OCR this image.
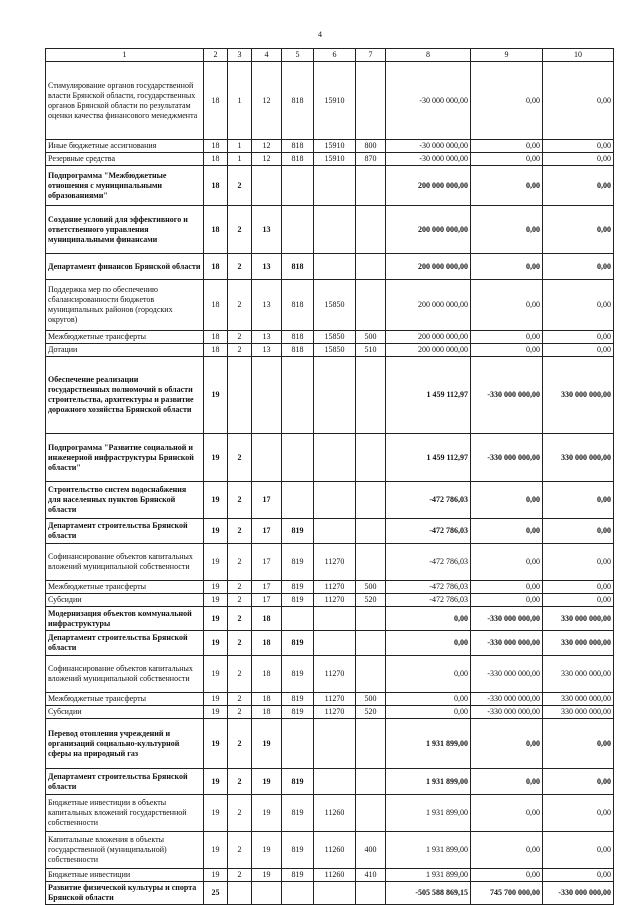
4
1	2	3	4	5	6	7	8	9	10
Стимулирование органов государственной власти Брянской области, государственных органов Брянской области по результатам оценки качества финансового менеджмента	18	1	12	818	15910		-30 000 000,00	0,00	0,00
Иные бюджетные ассигнования	18	1	12	818	15910	800	-30 000 000,00	0,00	0,00
Резервные средства	18	1	12	818	15910	870	-30 000 000,00	0,00	0,00
Подпрограмма "Межбюджетные отношения с муниципальными образованиями"	18	2					200 000 000,00	0,00	0,00
Создание условий для эффективного и ответственного управления муниципальными финансами	18	2	13				200 000 000,00	0,00	0,00
Департамент финансов Брянской области	18	2	13	818			200 000 000,00	0,00	0,00
Поддержка мер по обеспечению сбалансированности бюджетов муниципальных районов (городских округов)	18	2	13	818	15850		200 000 000,00	0,00	0,00
Межбюджетные трансферты	18	2	13	818	15850	500	200 000 000,00	0,00	0,00
Дотации	18	2	13	818	15850	510	200 000 000,00	0,00	0,00
Обеспечение реализации государственных полномочий в области строительства, архитектуры и развитие дорожного хозяйства Брянской области	19						1 459 112,97	-330 000 000,00	330 000 000,00
Подпрограмма "Развитие социальной и инженерной инфраструктуры Брянской области"	19	2					1 459 112,97	-330 000 000,00	330 000 000,00
Строительство систем водоснабжения для населенных пунктов Брянской области	19	2	17				-472 786,03	0,00	0,00
Департамент строительства Брянской области	19	2	17	819			-472 786,03	0,00	0,00
Софинансирование объектов капитальных вложений муниципальной собственности	19	2	17	819	11270		-472 786,03	0,00	0,00
Межбюджетные трансферты	19	2	17	819	11270	500	-472 786,03	0,00	0,00
Субсидии	19	2	17	819	11270	520	-472 786,03	0,00	0,00
Модернизация объектов коммунальной инфраструктуры	19	2	18				0,00	-330 000 000,00	330 000 000,00
Департамент строительства Брянской области	19	2	18	819			0,00	-330 000 000,00	330 000 000,00
Софинансирование объектов капитальных вложений муниципальной собственности	19	2	18	819	11270		0,00	-330 000 000,00	330 000 000,00
Межбюджетные трансферты	19	2	18	819	11270	500	0,00	-330 000 000,00	330 000 000,00
Субсидии	19	2	18	819	11270	520	0,00	-330 000 000,00	330 000 000,00
Перевод отопления учреждений и организаций социально-культурной сферы на природный газ	19	2	19				1 931 899,00	0,00	0,00
Департамент строительства Брянской области	19	2	19	819			1 931 899,00	0,00	0,00
Бюджетные инвестиции в объекты капитальных вложений государственной собственности	19	2	19	819	11260		1 931 899,00	0,00	0,00
Капитальные вложения в объекты государственной (муниципальной) собственности	19	2	19	819	11260	400	1 931 899,00	0,00	0,00
Бюджетные инвестиции	19	2	19	819	11260	410	1 931 899,00	0,00	0,00
Развитие физической культуры и спорта Брянской области	25						-505 588 869,15	745 700 000,00	-330 000 000,00
